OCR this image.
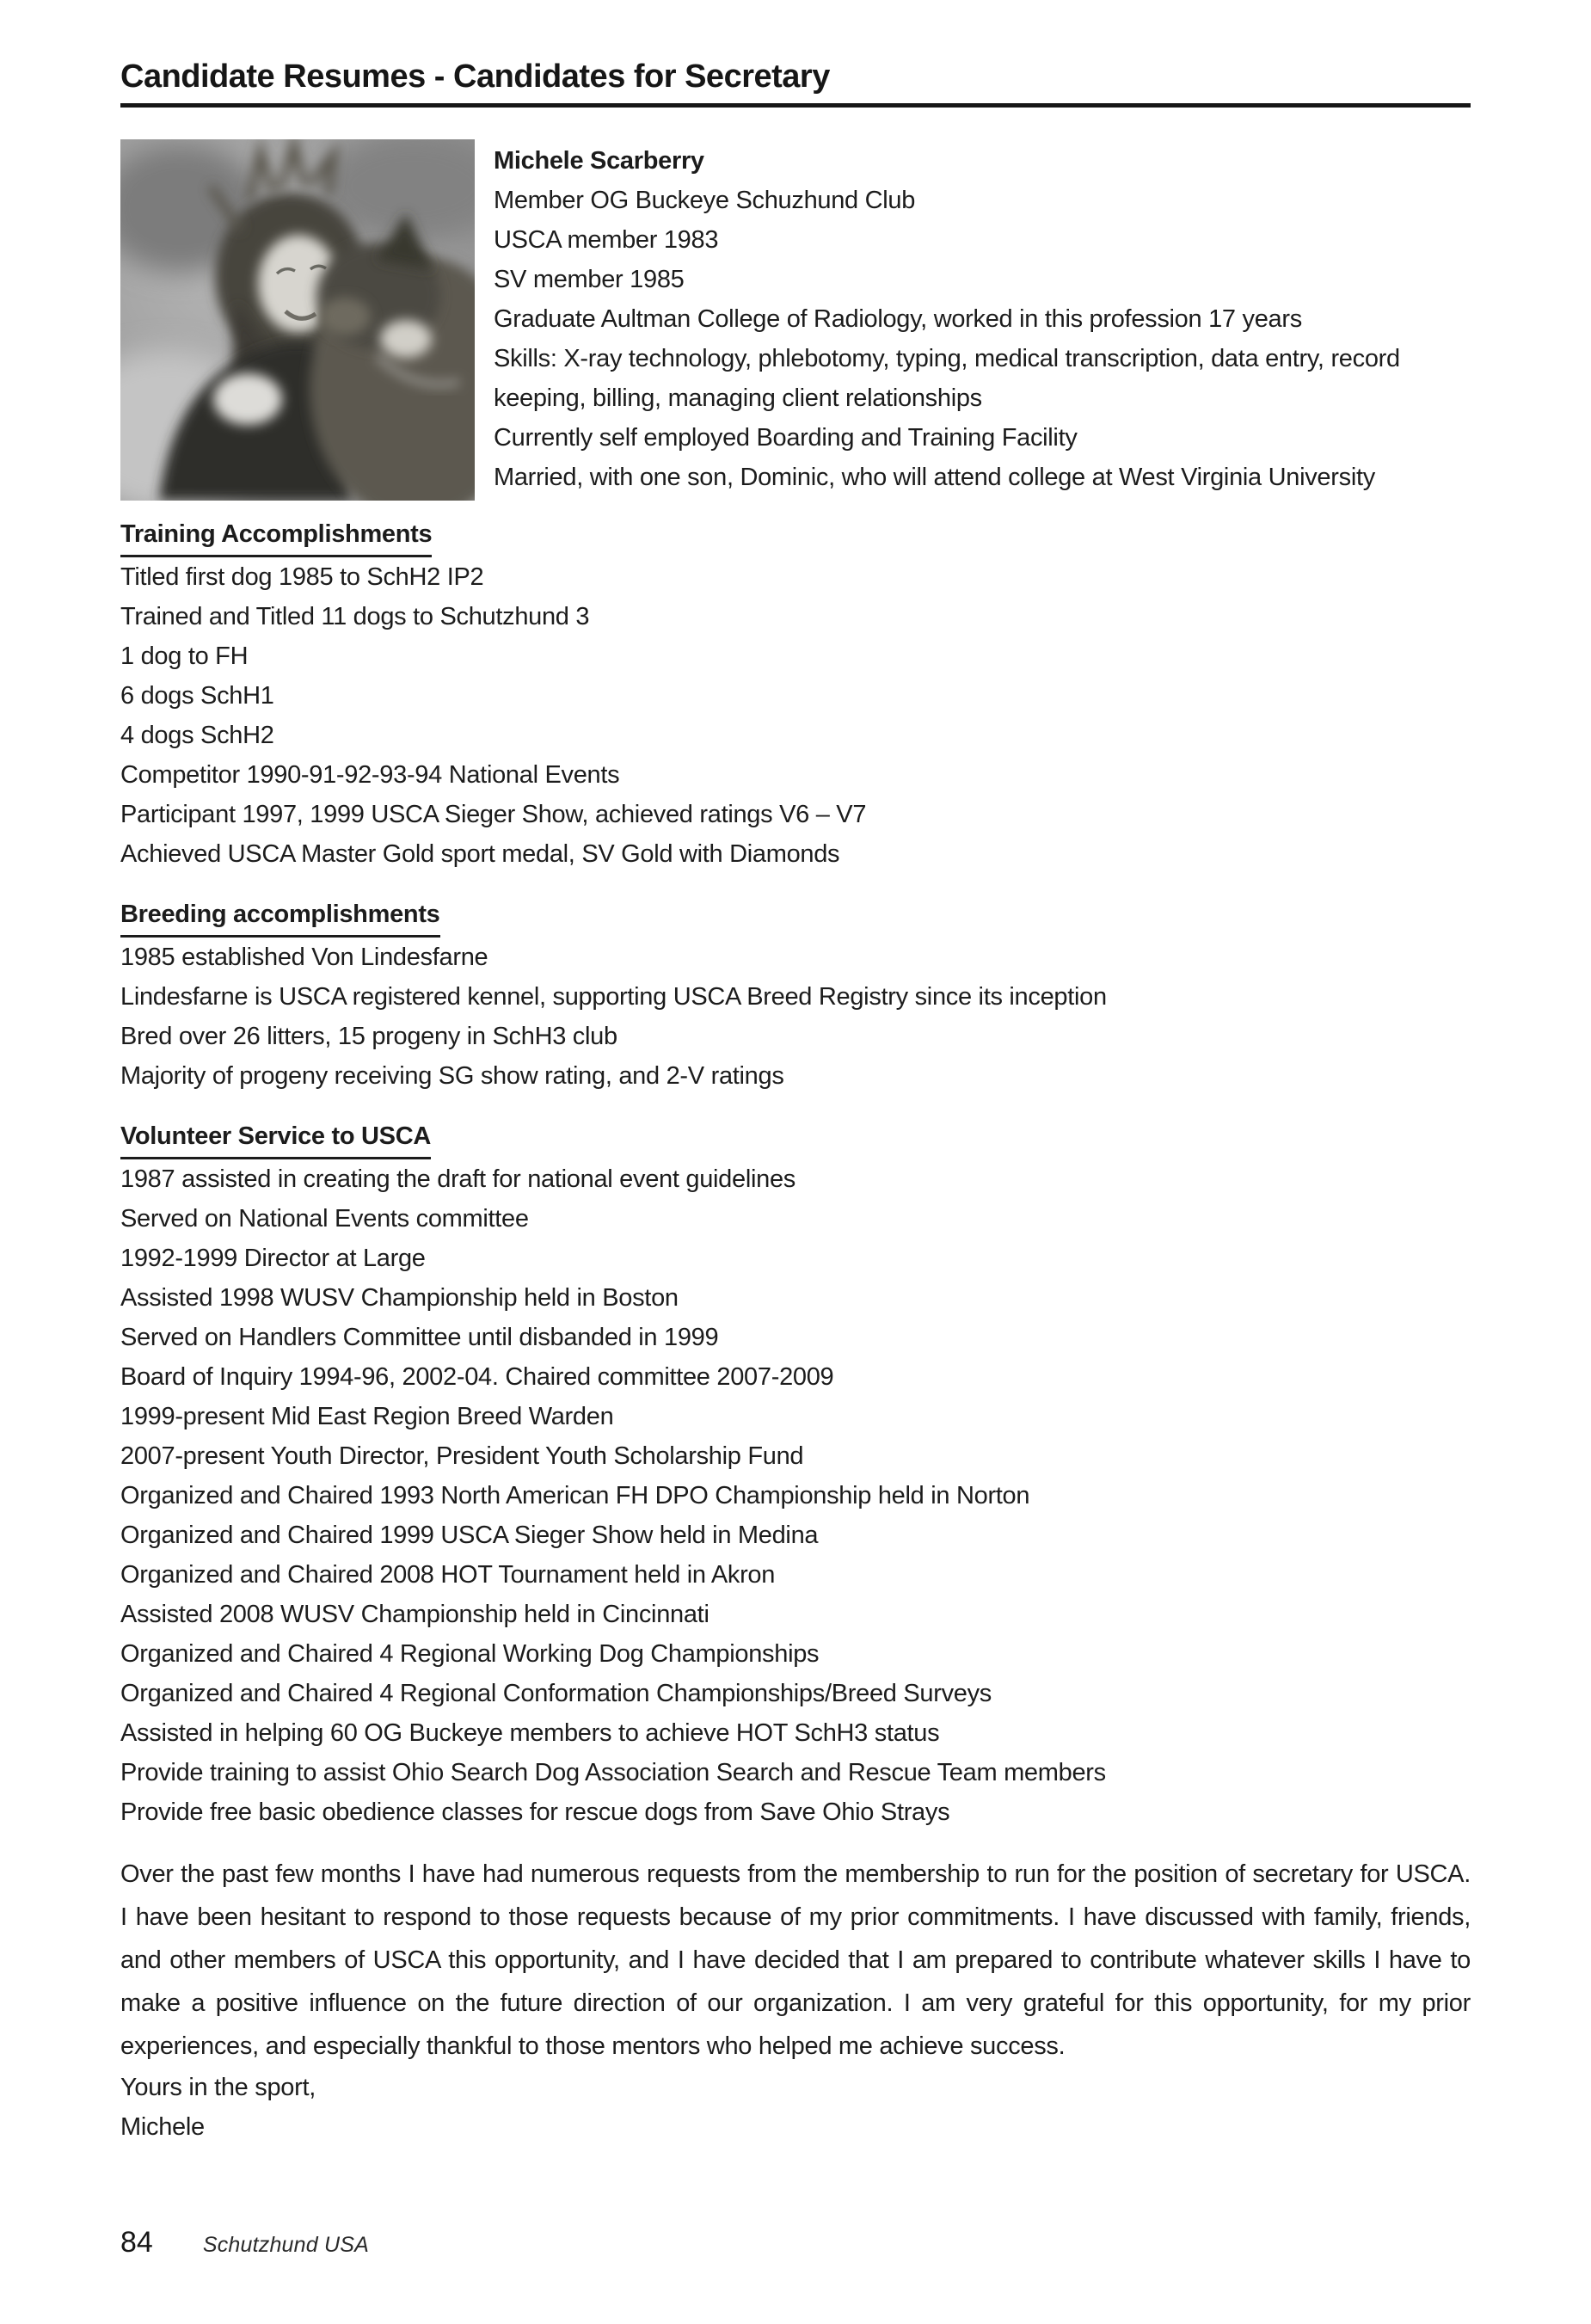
Candidate Resumes - Candidates for Secretary
Michele Scarberry
Member OG Buckeye Schuzhund Club
USCA member 1983
SV member 1985
Graduate Aultman College of Radiology, worked in this profession 17 years
Skills: X-ray technology, phlebotomy, typing, medical transcription, data entry, record keeping, billing, managing client relationships
Currently self employed Boarding and Training Facility
Married, with one son, Dominic, who will attend college at West Virginia University
Training Accomplishments
Titled first dog 1985 to SchH2 IP2
Trained and Titled 11 dogs to Schutzhund 3
1 dog to FH
6 dogs SchH1
4 dogs SchH2
Competitor 1990-91-92-93-94 National Events
Participant 1997, 1999 USCA Sieger Show, achieved ratings V6 – V7
Achieved USCA Master Gold sport medal, SV Gold with Diamonds
Breeding accomplishments
1985 established Von Lindesfarne
Lindesfarne is USCA registered kennel, supporting USCA Breed Registry since its inception
Bred over 26 litters, 15 progeny in SchH3 club
Majority of progeny receiving SG show rating, and 2-V ratings
Volunteer Service to USCA
1987 assisted in creating the draft for national event guidelines
Served on National Events committee
1992-1999 Director at Large
Assisted 1998 WUSV Championship held in Boston
Served on Handlers Committee until disbanded in 1999
Board of Inquiry 1994-96, 2002-04. Chaired committee 2007-2009
1999-present Mid East Region Breed Warden
2007-present Youth Director, President Youth Scholarship Fund
Organized and Chaired 1993 North American FH DPO Championship held in Norton
Organized and Chaired 1999 USCA Sieger Show held in Medina
Organized and Chaired 2008 HOT Tournament held in Akron
Assisted 2008 WUSV Championship held in Cincinnati
Organized and Chaired 4 Regional Working Dog Championships
Organized and Chaired 4 Regional Conformation Championships/Breed Surveys
Assisted in helping 60 OG Buckeye members to achieve HOT SchH3 status
Provide training to assist Ohio Search Dog Association Search and Rescue Team members
Provide free basic obedience classes for rescue dogs from Save Ohio Strays

Over the past few months I have had numerous requests from the membership to run for the position of secretary for USCA. I have been hesitant to respond to those requests because of my prior commitments. I have discussed with family, friends, and other members of USCA this opportunity, and I have decided that I am prepared to contribute whatever skills I have to make a positive influence on the future direction of our organization. I am very grateful for this opportunity, for my prior experiences, and especially thankful to those mentors who helped me achieve success.

Yours in the sport,
Michele
84 Schutzhund USA
